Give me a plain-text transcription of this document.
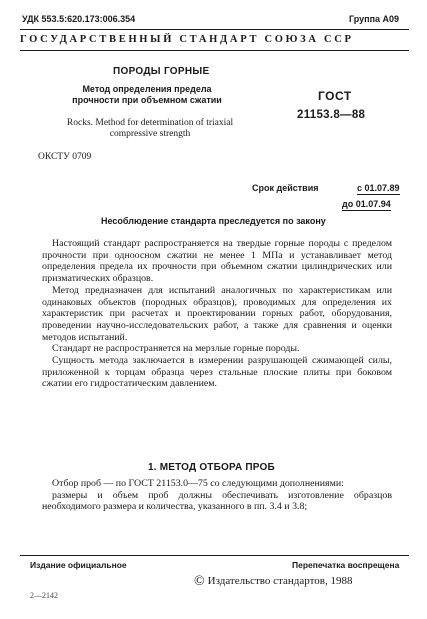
УДК 553.5:620.173:006.354	Группа А09
ГОСУДАРСТВЕННЫЙ СТАНДАРТ СОЮЗА ССР
ПОРОДЫ ГОРНЫЕ
Метод определения предела прочности при объемном сжатии
Rocks. Method for determination of triaxial compressive strength
ГОСТ
21153.8—88
ОКСТУ 0709
Срок действия	с 01.07.89
до 01.07.94
Несоблюдение стандарта преследуется по закону

Настоящий стандарт распространяется на твердые горные породы с пределом прочности при одноосном сжатии не менее 1 МПа и устанавливает метод определения предела их прочности при объемном сжатии цилиндрических или призматических образцов.

Метод предназначен для испытаний аналогичных по характеристикам или одинаковых объектов (породных образцов), проводимых для определения их характеристик при расчетах и проектировании горных работ, оборудования, проведении научно-исследовательских работ, а также для сравнения и оценки методов испытаний.

Стандарт не распространяется на мерзлые горные породы.

Сущность метода заключается в измерении разрушающей сжимающей силы, приложенной к торцам образца через стальные плоские плиты при боковом сжатии его гидростатическим давлением.

1. МЕТОД ОТБОРА ПРОБ

Отбор проб — по ГОСТ 21153.0—75 со следующими дополнениями:

размеры и объем проб должны обеспечивать изготовление образцов необходимого размера и количества, указанного в пп. 3.4 и 3.8;

Издание официальное	Перепечатка воспрещена
© Издательство стандартов, 1988
2—2142
